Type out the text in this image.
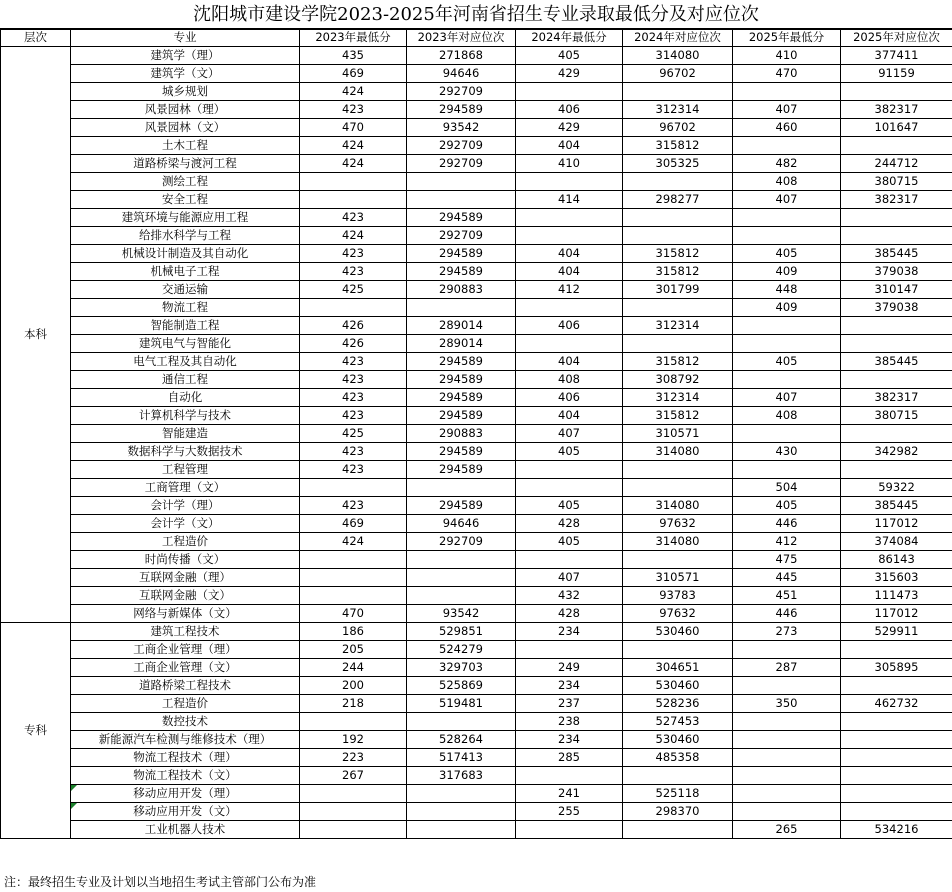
沈阳城市建设学院2023-2025年河南省招生专业录取最低分及对应位次
层次	专业	2023年最低分	2023年对应位次	2024年最低分	2024年对应位次	2025年最低分	2025年对应位次
本科	建筑学（理）	435	271868	405	314080	410	377411
	建筑学（文）	469	94646	429	96702	470	91159
	城乡规划	424	292709				
	风景园林（理）	423	294589	406	312314	407	382317
	风景园林（文）	470	93542	429	96702	460	101647
	土木工程	424	292709	404	315812		
	道路桥梁与渡河工程	424	292709	410	305325	482	244712
	测绘工程					408	380715
	安全工程			414	298277	407	382317
	建筑环境与能源应用工程	423	294589				
	给排水科学与工程	424	292709				
	机械设计制造及其自动化	423	294589	404	315812	405	385445
	机械电子工程	423	294589	404	315812	409	379038
	交通运输	425	290883	412	301799	448	310147
	物流工程					409	379038
	智能制造工程	426	289014	406	312314		
	建筑电气与智能化	426	289014				
	电气工程及其自动化	423	294589	404	315812	405	385445
	通信工程	423	294589	408	308792		
	自动化	423	294589	406	312314	407	382317
	计算机科学与技术	423	294589	404	315812	408	380715
	智能建造	425	290883	407	310571		
	数据科学与大数据技术	423	294589	405	314080	430	342982
	工程管理	423	294589				
	工商管理（文）					504	59322
	会计学（理）	423	294589	405	314080	405	385445
	会计学（文）	469	94646	428	97632	446	117012
	工程造价	424	292709	405	314080	412	374084
	时尚传播（文）					475	86143
	互联网金融（理）			407	310571	445	315603
	互联网金融（文）			432	93783	451	111473
	网络与新媒体（文）	470	93542	428	97632	446	117012
专科	建筑工程技术	186	529851	234	530460	273	529911
	工商企业管理（理）	205	524279				
	工商企业管理（文）	244	329703	249	304651	287	305895
	道路桥梁工程技术	200	525869	234	530460		
	工程造价	218	519481	237	528236	350	462732
	数控技术			238	527453		
	新能源汽车检测与维修技术（理）	192	528264	234	530460		
	物流工程技术（理）	223	517413	285	485358		
	物流工程技术（文）	267	317683				
	移动应用开发（理）			241	525118		
	移动应用开发（文）			255	298370		
	工业机器人技术					265	534216
注：最终招生专业及计划以当地招生考试主管部门公布为准
